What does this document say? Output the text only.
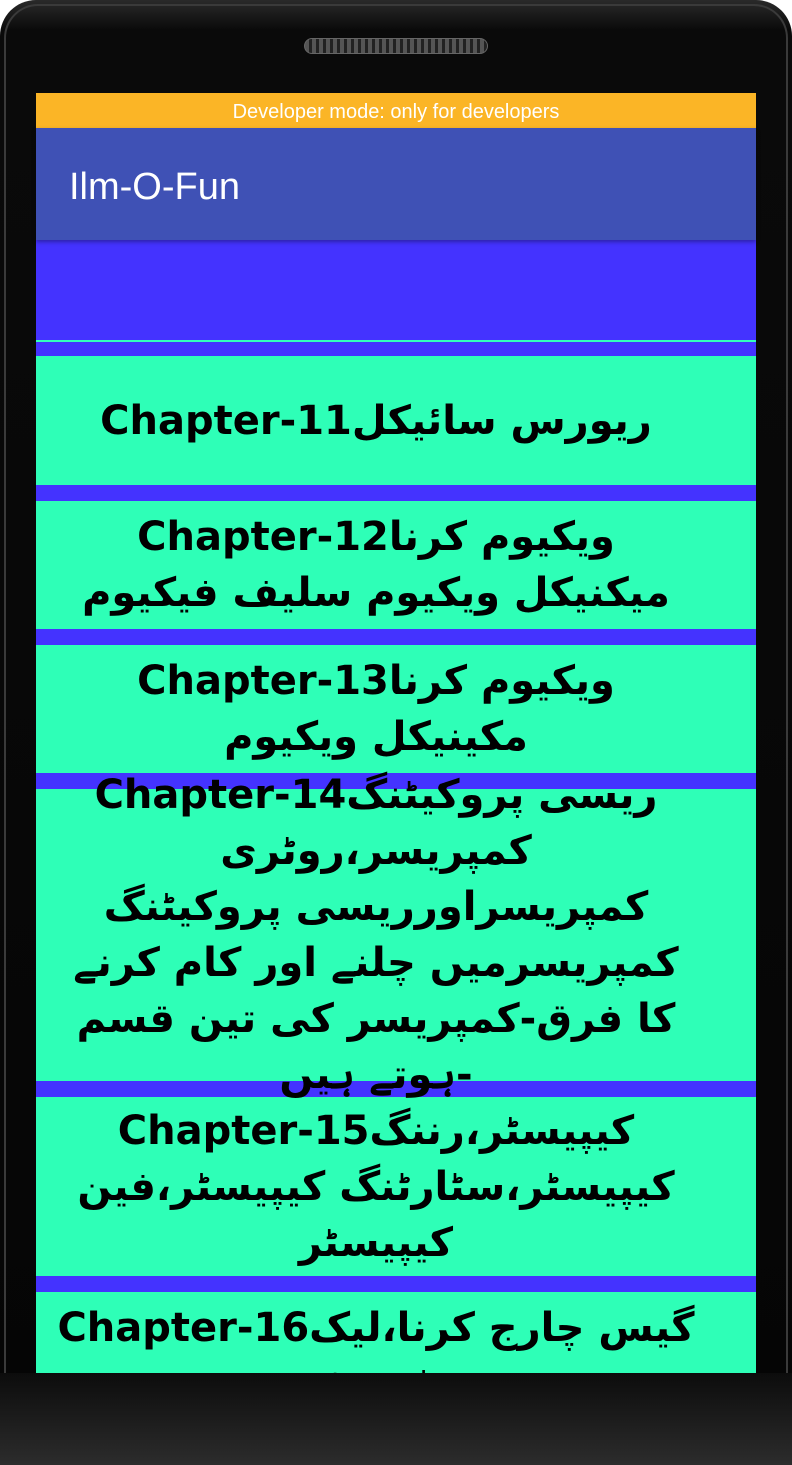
Developer mode: only for developers
Ilm-O-Fun
Chapter-11ریورس سائیکل
Chapter-12ویکیوم کرنا میکنیکل ویکیوم سلیف فیکیوم
Chapter-13ویکیوم کرنا مکینیکل ویکیوم
Chapter-14ریسی پروکیٹنگ کمپریسر،روٹری کمپریسراورریسی پروکیٹنگ کمپریسرمیں چلنے اور کام کرنے کا فرق-کمپریسر کی تین قسم ہوتے ہیں-
Chapter-15کیپیسٹر،رننگ کیپیسٹر،سٹارٹنگ کیپیسٹر،فین کیپیسٹر
Chapter-16گیس چارج کرنا،لیک
